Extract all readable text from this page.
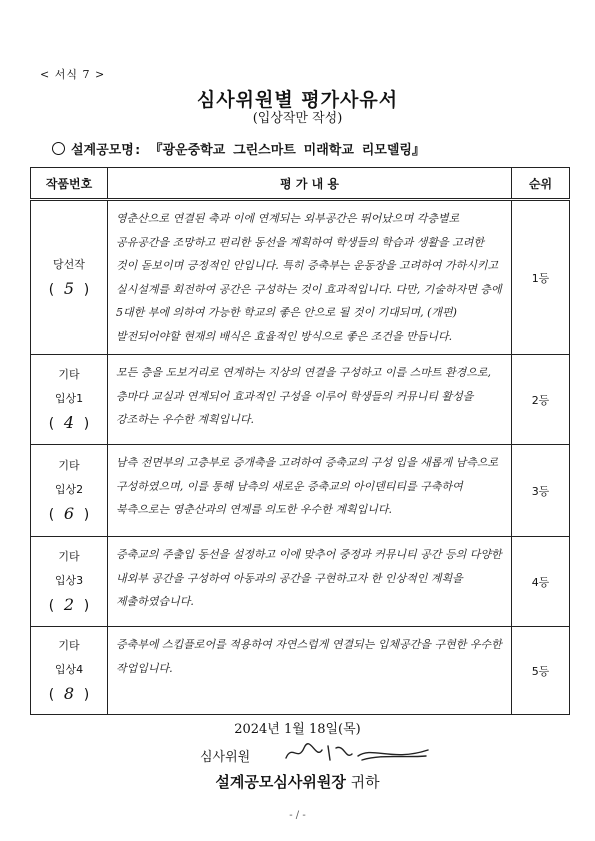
< 서식 7 >
심사위원별 평가사유서
(입상작만 작성)
설계공모명: 『광운중학교 그린스마트 미래학교 리모델링』
작품번호	평 가 내 용	순위

당선작
( 5 )	영춘산으로 연결된 축과 이에 연계되는 외부공간은 뛰어났으며 각층별로 공유공간을 조망하고 편리한 동선을 계획하여 학생들의 학습과 생활을 고려한 것이 돋보이며 긍정적인 안입니다. 특히 증축부는 운동장을 고려하여 가하시키고 실시설계를 회전하여 공간은 구성하는 것이 효과적입니다. 다만, 기술하자면 층에 5대한 부에 의하여 가능한 학교의 좋은 안으로 될 것이 기대되며, (개편) 발전되어야할 현재의 배식은 효율적인 방식으로 좋은 조건을 만듭니다.	1등

기타
입상1
( 4 )	모든 층을 도보거리로 연계하는 지상의 연결을 구성하고 이를 스마트 환경으로, 층마다 교실과 연계되어 효과적인 구성을 이루어 학생들의 커뮤니티 활성을 강조하는 우수한 계획입니다.	2등

기타
입상2
( 6 )	남측 전면부의 고층부로 증개축을 고려하여 증축교의 구성 입을 새롭게 남측으로 구성하였으며, 이를 통해 남측의 새로운 증축교의 아이덴티티를 구축하여 북측으로는 영춘산과의 연계를 의도한 우수한 계획입니다.	3등

기타
입상3
( 2 )	증축교의 주출입 동선을 설정하고 이에 맞추어 중정과 커뮤니티 공간 등의 다양한 내외부 공간을 구성하여 아동과의 공간을 구현하고자 한 인상적인 계획을 제출하였습니다.	4등

기타
입상4
( 8 )	증축부에 스킵플로어를 적용하여 자연스럽게 연결되는 입체공간을 구현한 우수한 작업입니다.	5등
2024년 1월 18일(목)
심사위원
설계공모심사위원장 귀하
- / -
